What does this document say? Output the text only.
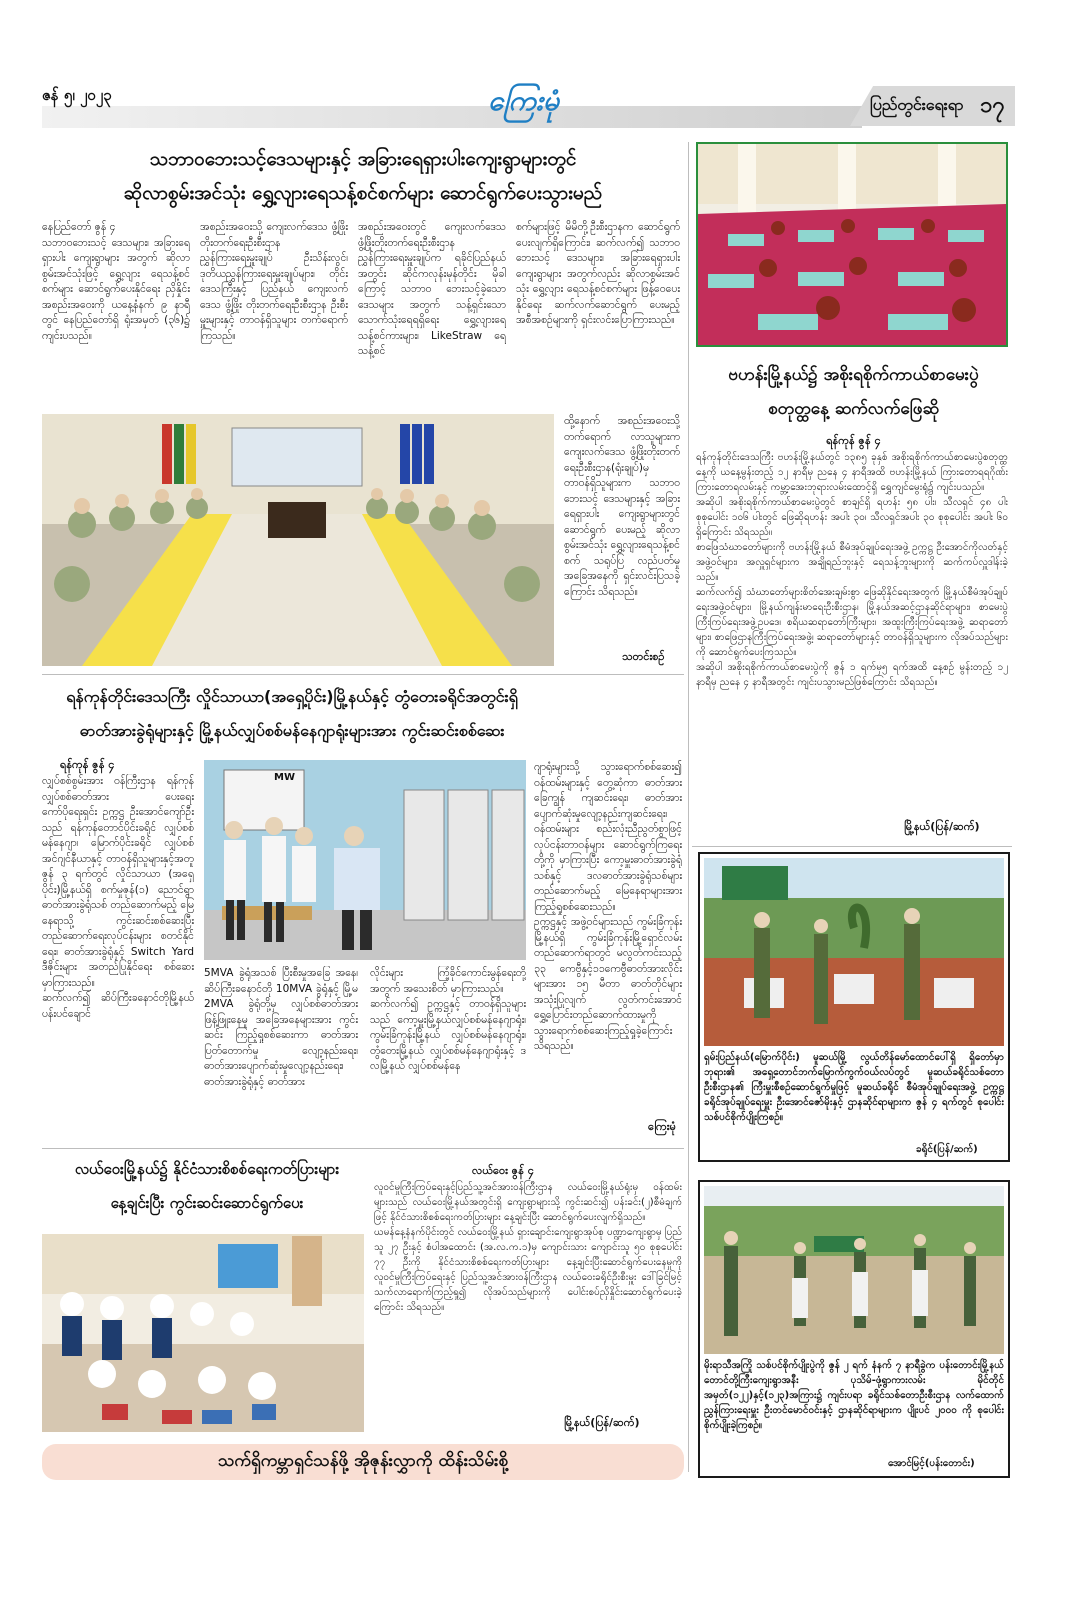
ဇန် ၅၊ ၂၀၂၃	ကြေးမုံ	ပြည်တွင်းရေးရာ ၁၇
သဘာဝဘေးသင့်ဒေသများနှင့် အခြားရေရှားပါးကျေးရွာများတွင်
ဆိုလာစွမ်းအင်သုံး ရွှေ့လျားရေသန့်စင်စက်များ ဆောင်ရွက်ပေးသွားမည်
နေပြည်တော် ဇွန် ၄
သဘာဝဘေးသင့် ဒေသများ၊ အခြားရေရှားပါး ကျေးရွာများ အတွက် ဆိုလာစွမ်းအင်သုံးဖြင့် ရွှေ့လျား ရေသန့်စင်စက်များ ဆောင်ရွက်ပေးနိုင်ရေး ညှိနှိုင်း အစည်းအဝေးကို ယနေ့နံနက် ၉ နာရီတွင် နေပြည်တော်ရှိ ရုံးအမှတ် (၃၆)၌ ကျင်းပသည်။
အစည်းအဝေးသို့ ကျေးလက်ဒေသ ဖွံ့ဖြိုးတိုးတက်ရေးဦးစီးဌာန ညွှန်ကြားရေးမှူးချုပ် ဦးသိန်းလွင်၊ ဒုတိယညွှန်ကြားရေးမှူးချုပ်များ၊ တိုင်းဒေသကြီးနှင့် ပြည်နယ် ကျေးလက်ဒေသ ဖွံ့ဖြိုး တိုးတက်ရေးဦးစီးဌာန ဦးစီးမှူးများနှင့် တာဝန်ရှိသူများ တက်ရောက်ကြသည်။
အစည်းအဝေးတွင် ကျေးလက်ဒေသဖွံ့ဖြိုးတိုးတက်ရေးဦးစီးဌာန ညွှန်ကြားရေးမှူးချုပ်က ရခိုင်ပြည်နယ်အတွင်း ဆိုင်ကလုန်းမုန်တိုင်း မိုခါကြောင့် သဘာဝ ဘေးသင့်ခဲ့သော ဒေသများ အတွက် သန့်ရှင်းသောသောက်သုံးရေရရှိရေး ရွှေ့လျားရေသန့်စင်ကားများ၊ LikeStraw ရေသန့်စင်
စက်များဖြင့် မိမိတို့ဦးစီးဌာနက ဆောင်ရွက်ပေးလျက်ရှိကြောင်း၊ ဆက်လက်၍ သဘာဝဘေးသင့် ဒေသများ၊ အခြားရေရှားပါး ကျေးရွာများ အတွက်လည်း ဆိုလာစွမ်းအင်သုံး ရွှေ့လျား ရေသန့်စင်စက်များ ဖြန့်ဝေပေးနိုင်ရေး ဆက်လက်ဆောင်ရွက် ပေးမည့် အစီအစဉ်များကို ရှင်းလင်းပြောကြားသည်။
ထို့နောက် အစည်းအဝေးသို့ တက်ရောက် လာသူများက ကျေးလက်ဒေသ ဖွံ့ဖြိုးတိုးတက်ရေးဦးစီးဌာန(ရုံးချုပ်)မှ တာဝန်ရှိသူများက သဘာဝဘေးသင့် ဒေသများနှင့် အခြားရေရှားပါး ကျေးရွာများတွင် ဆောင်ရွက် ပေးမည့် ဆိုလာစွမ်းအင်သုံး ရွှေ့လျားရေသန့်စင်စက် သရုပ်ပြ လည်ပတ်မှု အခြေအနေကို ရှင်းလင်းပြသခဲ့ကြောင်း သိရသည်။
သတင်းစဉ်
ဗဟန်းမြို့နယ်၌ အစိုးရစိုက်ကာယ်စာမေးပွဲ
စတုတ္ထနေ့ ဆက်လက်ဖြေဆို
ရန်ကုန် ဇွန် ၄
ရန်ကုန်တိုင်းဒေသကြီး ဗဟန်းမြို့နယ်တွင် ၁၃၈၅ ခုနှစ် အစိုးရစိုက်ကာယ်စာမေးပွဲစတုတ္ထနေ့ကို ယနေ့မွန်းတည့် ၁၂ နာရီမှ ညနေ ၄ နာရီအထိ ဗဟန်းမြို့နယ် ကြားတောရရဂိုဏ်း ကြားတောရလမ်းနှင့် ကမ္ဘာ့အေးဘုရားလမ်းထောင့်ရှိ ရွှေကျင်မွေးရုံ၌ ကျင်းပသည်။
အဆိုပါ အစိုးရစိုက်ကာယ်စာမေးပွဲတွင် စာချင်ရှိ ရဟန်း ၅၈ ပါး၊ သီလရှင် ၄၈ ပါး စုစုပေါင်း ၁၀၆ ပါးတွင် ဖြေဆိုရဟန်း အပါး ၃၀၊ သီလရှင်အပါး ၃၀ စုစုပေါင်း အပါး ၆၀ ရှိကြောင်း သိရသည်။
စာဖြေသံဃာတော်များကို ဗဟန်းမြို့နယ် စီမံအုပ်ချုပ်ရေးအဖွဲ့ ဥက္ကဋ္ဌ ဦးအောင်ကိုလတ်နှင့်အဖွဲ့ဝင်များ၊ အလှူရှင်များက အချိုရည်ဘူးနှင့် ရေသန့်ဘူးများကို ဆက်ကပ်လှူဒါန်းခဲ့သည်။
ဆက်လက်၍ သံဃာတော်များစိတ်အေးချမ်းစွာ ဖြေဆိုနိုင်ရေးအတွက် မြို့နယ်စီမံအုပ်ချုပ်ရေးအဖွဲ့ဝင်များ၊ မြို့နယ်ကျန်းမာရေးဦးစီးဌာန၊ မြို့နယ်အဆင့်ဌာနဆိုင်ရာများ၊ စာမေးပွဲကြီးကြပ်ရေးအဖွဲ့ဥပဒေ၊ စရိယဆရာတော်ကြီးများ၊ အထူးကြီးကြပ်ရေးအဖွဲ့ ဆရာတော်များ၊ စာဖြေဌာနကြီးကြပ်ရေးအဖွဲ့၊ ဆရာတော်များနှင့် တာဝန်ရှိသူများက လိုအပ်သည်များကို ဆောင်ရွက်ပေးကြသည်။
အဆိုပါ အစိုးရစိုက်ကာယ်စာမေးပွဲကို ဇွန် ၁ ရက်မှ၅ ရက်အထိ နေ့စဉ် မွန်းတည့် ၁၂ နာရီမှ ညနေ ၄ နာရီအတွင်း ကျင်းပသွားမည်ဖြစ်ကြောင်း သိရသည်။
မြို့နယ်(ပြန်/ဆက်)
ရှမ်းပြည်နယ်(မြောက်ပိုင်း) မူဆယ်မြို့ လွယ်တိန်မော်ထောင်ပေါ်ရှိ ရှိတော်မှာဘုရား၏ အရှေ့တောင်ဘက်မြောက်ကွက်ဝယ်လပ်တွင် မူဆယ်ခရိုင်သစ်တောဦးစီးဌာန၏ ကြီးမှူးစီစဉ်ဆောင်ရွက်မှုဖြင့် မူဆယ်ခရိုင် စီမံအုပ်ချုပ်ရေးအဖွဲ့ ဥက္ကဋ္ဌ ခရိုင်အုပ်ချုပ်ရေးမှူး ဦးအောင်ဇော်မိုးနှင့် ဌာနဆိုင်ရာများက ဇွန် ၄ ရက်တွင် စုပေါင်းသစ်ပင်စိုက်ပျိုးကြစဉ်။
ခရိုင်(ပြန်/ဆက်)
မိုးရာသီအကြို သစ်ပင်စိုက်ပျိုးပွဲကို ဇွန် ၂ ရက် နံနက် ၇ နာရီခွဲက ပန်းတောင်းမြို့နယ် တောင်တို့ကြီးကျေးရွာအနီး ပုသိမ်-ဖုံ့ရွာကားလမ်း မိုင်တိုင်အမှတ်(၁၂၂)နှင့်(၁၂၃)အကြား၌ ကျင်းပရာ ခရိုင်သစ်တောဦးစီးဌာန လက်ထောက်ညွှန်ကြားရေးမှူး ဦးတင်မောင်ဝင်းနှင့် ဌာနဆိုင်ရာများက ပျိုးပင် ၂၀၀၀ ကို စုပေါင်းစိုက်ပျိုးခဲ့ကြစဉ်။
အောင်မြင့်(ပန်းတောင်း)
ရန်ကုန်တိုင်းဒေသကြီး လှိုင်သာယာ(အရှေ့ပိုင်း)မြို့နယ်နှင့် တွံတေးခရိုင်အတွင်းရှိ
ဓာတ်အားခွဲရုံများနှင့် မြို့နယ်လျှပ်စစ်မန်နေဂျာရုံးများအား ကွင်းဆင်းစစ်ဆေး
ရန်ကုန် ဇွန် ၄
လျှပ်စစ်စွမ်းအား ဝန်ကြီးဌာန ရန်ကုန်လျှပ်စစ်ဓာတ်အား ပေးရေးကော်ပိုရေးရှင်း ဥက္ကဋ္ဌ ဦးအောင်ကျော်ဦးသည် ရန်ကုန်တောင်ပိုင်းခရိုင် လျှပ်စစ်မန်နေဂျာ၊ မြောက်ပိုင်းခရိုင် လျှပ်စစ်အင်ဂျင်နီယာနှင့် တာဝန်ရှိသူများနှင့်အတူ ဇွန် ၃ ရက်တွင် လှိုင်သာယာ (အရှေ့ပိုင်း)မြို့နယ်ရှိ စက်မှုဇုန်(၁) ညောင်ရွာ ဓာတ်အားခွဲရုံသစ် တည်ဆောက်မည့် မြေနေရာသို့ ကွင်းဆင်းစစ်ဆေးပြီး တည်ဆောက်ရေးလုပ်ငန်းများ စတင်နိုင်ရေး၊ ဓာတ်အားခွဲရုံနှင့် Switch Yard ဒီဇိုင်းများ အတည်ပြုနိုင်ရေး စစ်ဆေးမှာကြားသည်။
ဆက်လက်၍ ဆိပ်ကြီးခနောင်တိုမြို့နယ် ပန်းပင်ချောင်
MW
5MVA ခွဲရုံအသစ် ပြီးစီးမှုအခြေ အနေ၊ ဆိပ်ကြီးခနောင်တို 10MVA ခွဲရုံနှင့် မြို့မ 2MVA ခွဲရုံတို့မှ လျှပ်စစ်ဓာတ်အား ဖြန့်ဖြူးနေမှု အခြေအနေများအား ကွင်းဆင်း ကြည့်ရှုစစ်ဆေးကာ ဓာတ်အား ပြတ်တောက်မှု လျော့နည်းရေး၊ ဓာတ်အားပျောက်ဆုံးမှုလျော့နည်းရေး၊ ဓာတ်အားခွဲရုံနှင့် ဓာတ်အား
လိုင်းများ ကြံ့ခိုင်ကောင်းမွန်ရေးတို့ အတွက် အသေးစိတ် မှာကြားသည်။
ဆက်လက်၍ ဥက္ကဋ္ဌနှင့် တာဝန်ရှိသူများသည် ကော့မှူးမြို့နယ်လျှပ်စစ်မန်နေဂျာရုံး၊ ကွမ်းခြံကုန်းမြို့နယ် လျှပ်စစ်မန်နေဂျာရုံး၊ တွံတေးမြို့နယ် လျှပ်စစ်မန်နေဂျာရုံးနှင့် ဒလမြို့နယ် လျှပ်စစ်မန်နေ
ဂျာရုံးများသို့ သွားရောက်စစ်ဆေး၍ ဝန်ထမ်းများနှင့် တွေ့ဆုံကာ ဓာတ်အားခြေကျွန် ကျဆင်းရေး၊ ဓာတ်အားပျောက်ဆုံးမှုလျော့နည်းကျဆင်းရေး၊ ဝန်ထမ်းများ စည်းလုံးညီညွတ်စွာဖြင့် လုပ်ငန်းတာဝန်များ ဆောင်ရွက်ကြရေးတို့ကို မှာကြားပြီး ကော့မှူးဓာတ်အားခွဲရုံသစ်နှင့် ဒလဓာတ်အားခွဲရုံသစ်များ တည်ဆောက်မည့် မြေနေရာများအား ကြည့်ရှုစစ်ဆေးသည်။
ဥက္ကဋ္ဌနှင့် အဖွဲ့ဝင်များသည် ကွမ်းခြံကုန်းမြို့နယ်ရှိ ကွမ်းခြံကုန်းမြို့ရှောင်လမ်းတည်ဆောက်ရာတွင် မလွတ်ကင်းသည့် ၃၃ ကေဗွီနှင့်၁၁ကေဗွီဓာတ်အားလိုင်းများအား ၁၅ မီတာ ဓာတ်တိုင်များ အသုံးပြုလျက် လွတ်ကင်းအောင် ရွှေ့ပြောင်းတည်ဆောက်ထားမှုကို သွားရောက်စစ်ဆေးကြည့်ရှုခဲ့ကြောင်း သိရသည်။
ကြေးမုံ
လယ်ဝေးမြို့နယ်၌ နိုင်ငံသားစိစစ်ရေးကတ်ပြားများ
နေ့ချင်းပြီး ကွင်းဆင်းဆောင်ရွက်ပေး
လယ်ဝေး ဇွန် ၄
လူဝင်မှုကြီးကြပ်ရေးနှင့်ပြည်သူ့အင်အားဝန်ကြီးဌာန လယ်ဝေးမြို့နယ်ရုံးမှ ဝန်ထမ်းများသည် လယ်ဝေးမြို့နယ်အတွင်းရှိ ကျေးရွာများသို့ ကွင်းဆင်း၍ ပန်းခင်း(၂)စီမံချက်ဖြင့် နိုင်ငံသားစိစစ်ရေးကတ်ပြားများ နေ့ချင်းပြီး ဆောင်ရွက်ပေးလျက်ရှိသည်။
ယမန်နေ့နံနက်ပိုင်းတွင် လယ်ဝေးမြို့နယ် ရှားချောင်းကျေးရွာအုပ်စု ပဏ္ဍာကျေးရွာမှ ပြည်သူ ၂၇ ဦးနှင့် စံပါအထောင်း (အ.လ.က.၁)မှ ကျောင်းသား ကျောင်းသူ ၅၀ စုစုပေါင်း ၇၇ ဦးကို နိုင်ငံသားစိစစ်ရေးကတ်ပြားများ နေ့ချင်းပြီးဆောင်ရွက်ပေးနေမှုကို လူဝင်မှုကြီးကြပ်ရေးနှင့် ပြည်သူ့အင်အားဝန်ကြီးဌာန လယ်ဝေးခရိုင်ဦးစီးမှူး ဒေါ်ခြင်မြင့်သက်လာရောက်ကြည့်ရှု၍ လိုအပ်သည်များကို ပေါင်းစပ်ညှိနှိုင်းဆောင်ရွက်ပေးခဲ့ကြောင်း သိရသည်။
မြို့နယ်(ပြန်/ဆက်)
သက်ရှိကမ္ဘာရှင်သန်ဖို့ အိုဇုန်းလွှာကို ထိန်းသိမ်းစို့
